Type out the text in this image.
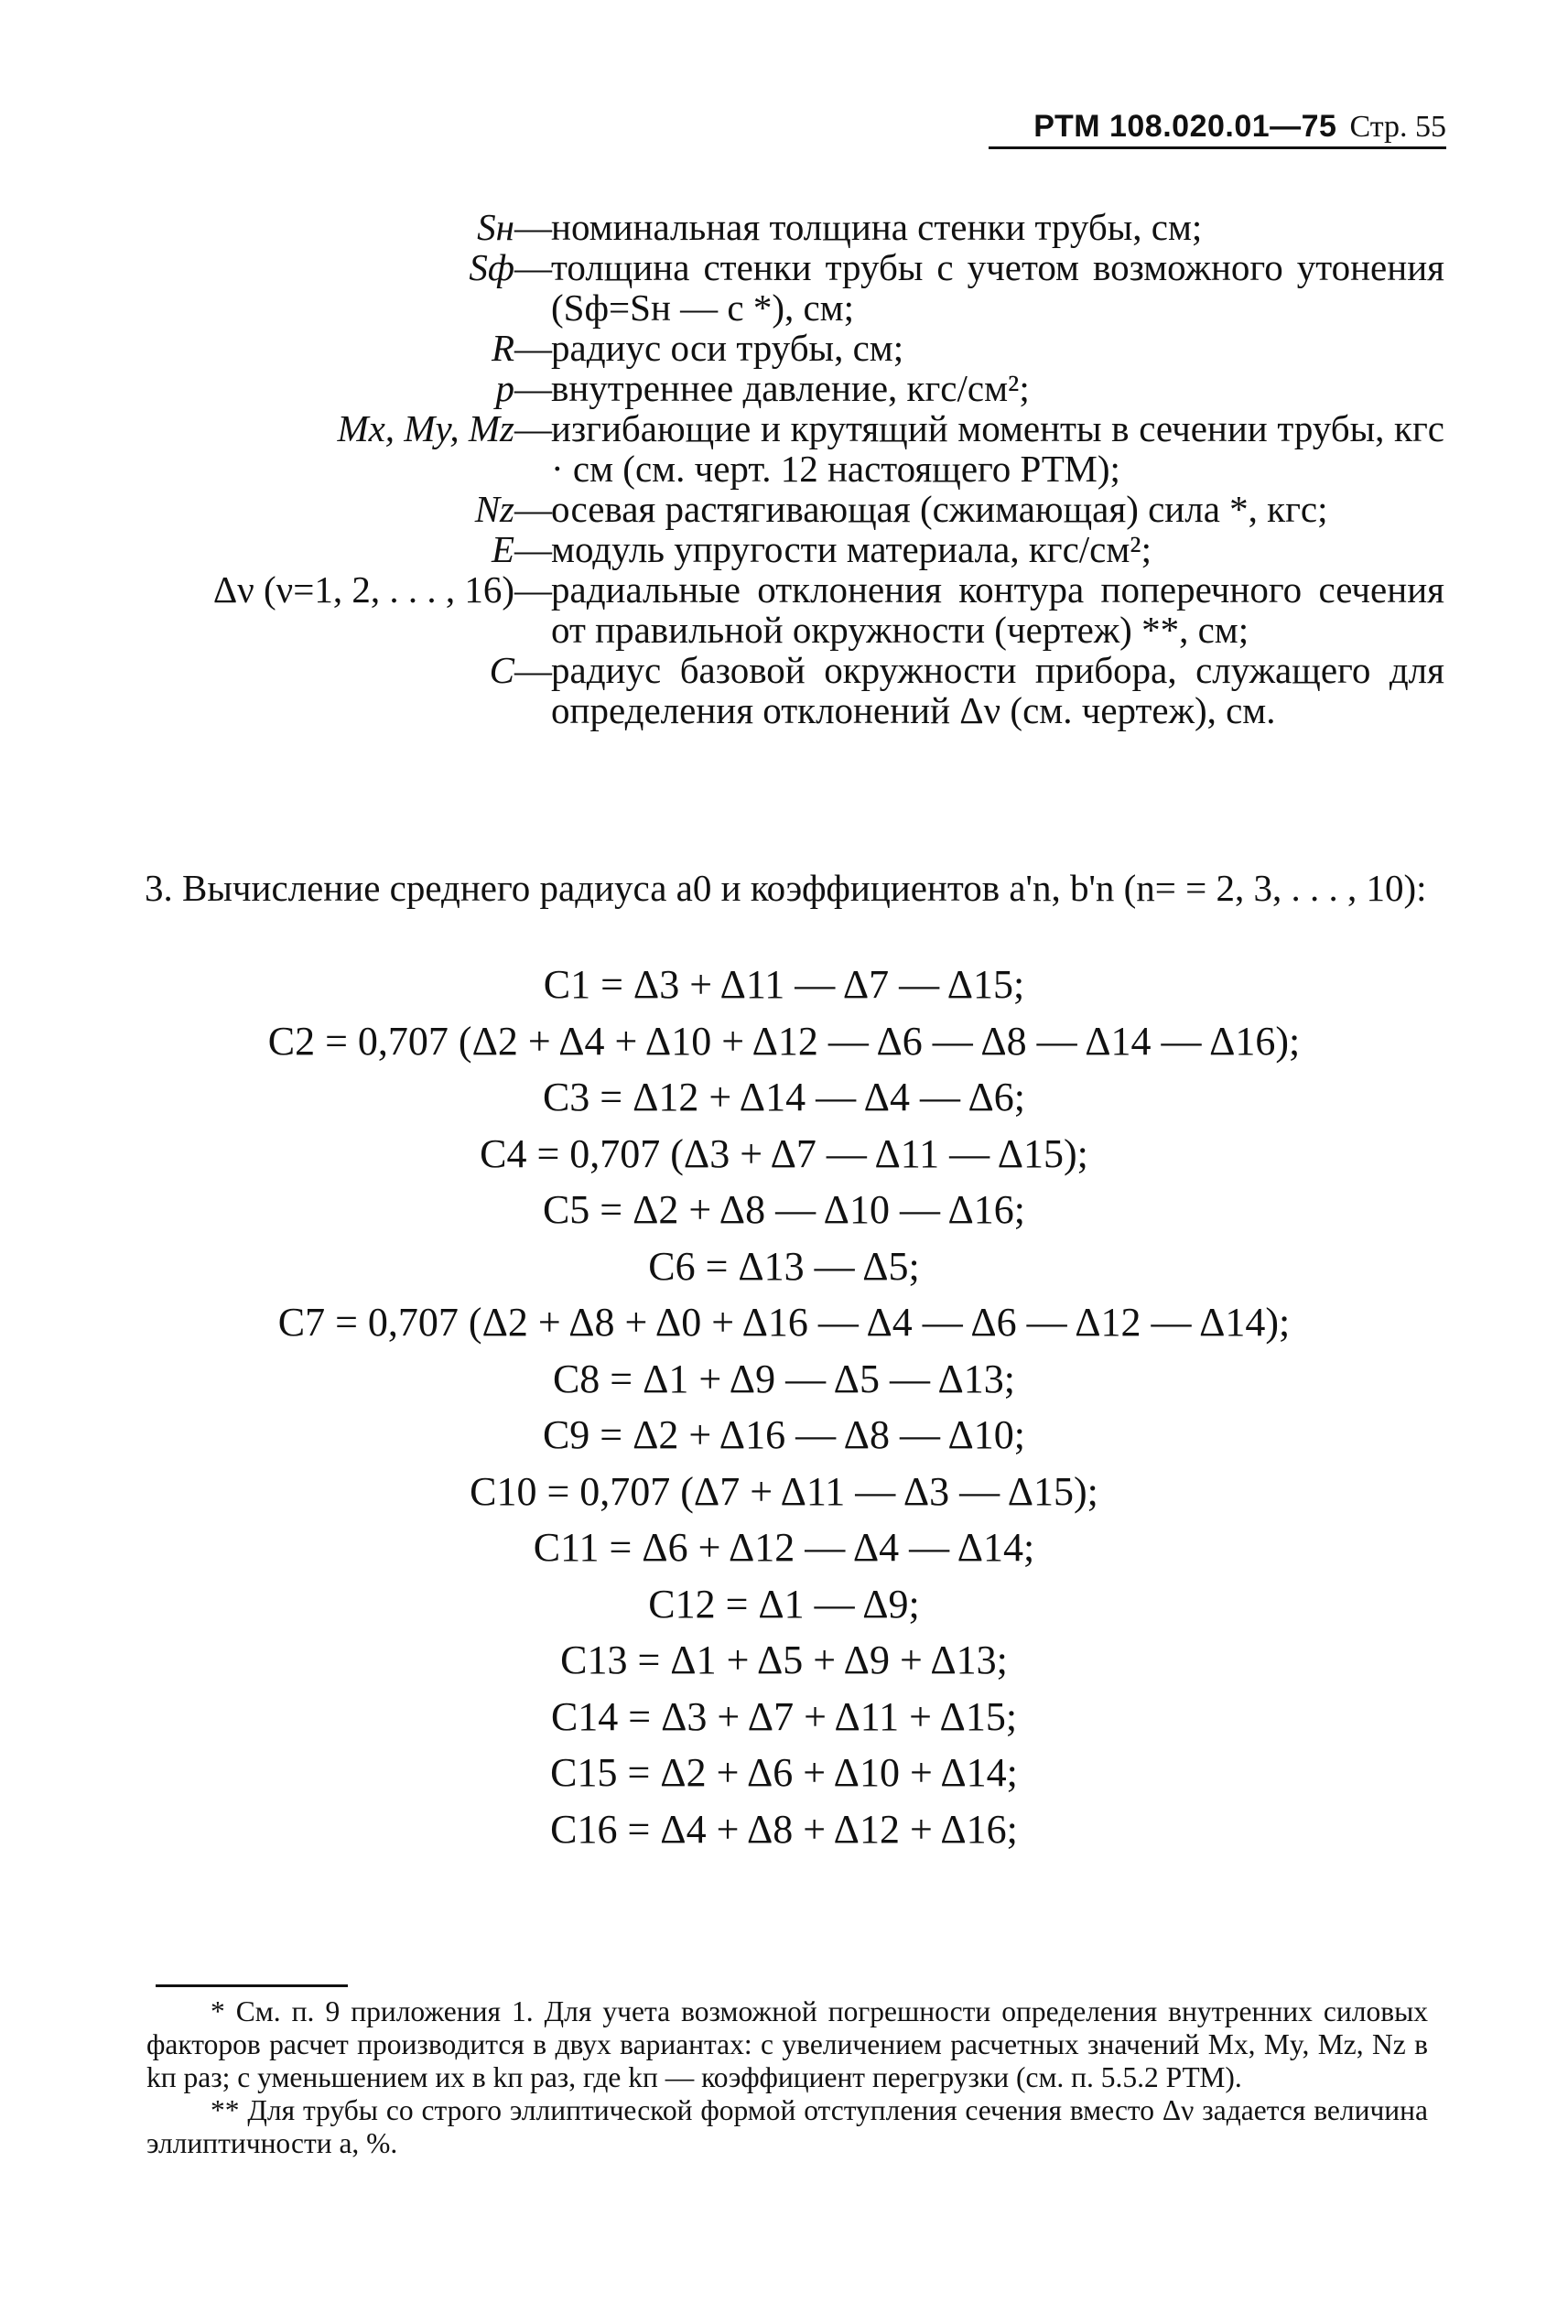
РТМ 108.020.01—75 Стр. 55
Sн — номинальная толщина стенки трубы, см;
Sф — толщина стенки трубы с учетом возможного утонения (Sф=Sн — c *), см;
R — радиус оси трубы, см;
p — внутреннее давление, кгс/см²;
Mx, My, Mz — изгибающие и крутящий моменты в сечении трубы, кгс · см (см. черт. 12 настоящего РТМ);
Nz — осевая растягивающая (сжимающая) сила *, кгс;
E — модуль упругости материала, кгс/см²;
Δν (ν=1, 2, . . . , 16) — радиальные отклонения контура поперечного сечения от правильной окружности (чертеж) **, см;
C — радиус базовой окружности прибора, служащего для определения отклонений Δν (см. чертеж), см.
3. Вычисление среднего радиуса a0 и коэффициентов a'n, b'n (n= = 2, 3, . . . , 10):
C1 = Δ3 + Δ11 — Δ7 — Δ15;
C2 = 0,707 (Δ2 + Δ4 + Δ10 + Δ12 — Δ6 — Δ8 — Δ14 — Δ16);
C3 = Δ12 + Δ14 — Δ4 — Δ6;
C4 = 0,707 (Δ3 + Δ7 — Δ11 — Δ15);
C5 = Δ2 + Δ8 — Δ10 — Δ16;
C6 = Δ13 — Δ5;
C7 = 0,707 (Δ2 + Δ8 + Δ0 + Δ16 — Δ4 — Δ6 — Δ12 — Δ14);
C8 = Δ1 + Δ9 — Δ5 — Δ13;
C9 = Δ2 + Δ16 — Δ8 — Δ10;
C10 = 0,707 (Δ7 + Δ11 — Δ3 — Δ15);
C11 = Δ6 + Δ12 — Δ4 — Δ14;
C12 = Δ1 — Δ9;
C13 = Δ1 + Δ5 + Δ9 + Δ13;
C14 = Δ3 + Δ7 + Δ11 + Δ15;
C15 = Δ2 + Δ6 + Δ10 + Δ14;
C16 = Δ4 + Δ8 + Δ12 + Δ16;
* См. п. 9 приложения 1. Для учета возможной погрешности определения внутренних силовых факторов расчет производится в двух вариантах: с увеличением расчетных значений Mx, My, Mz, Nz в kп раз; с уменьшением их в kп раз, где kп — коэффициент перегрузки (см. п. 5.5.2 РТМ).
** Для трубы со строго эллиптической формой отступления сечения вместо Δν задается величина эллиптичности a, %.
